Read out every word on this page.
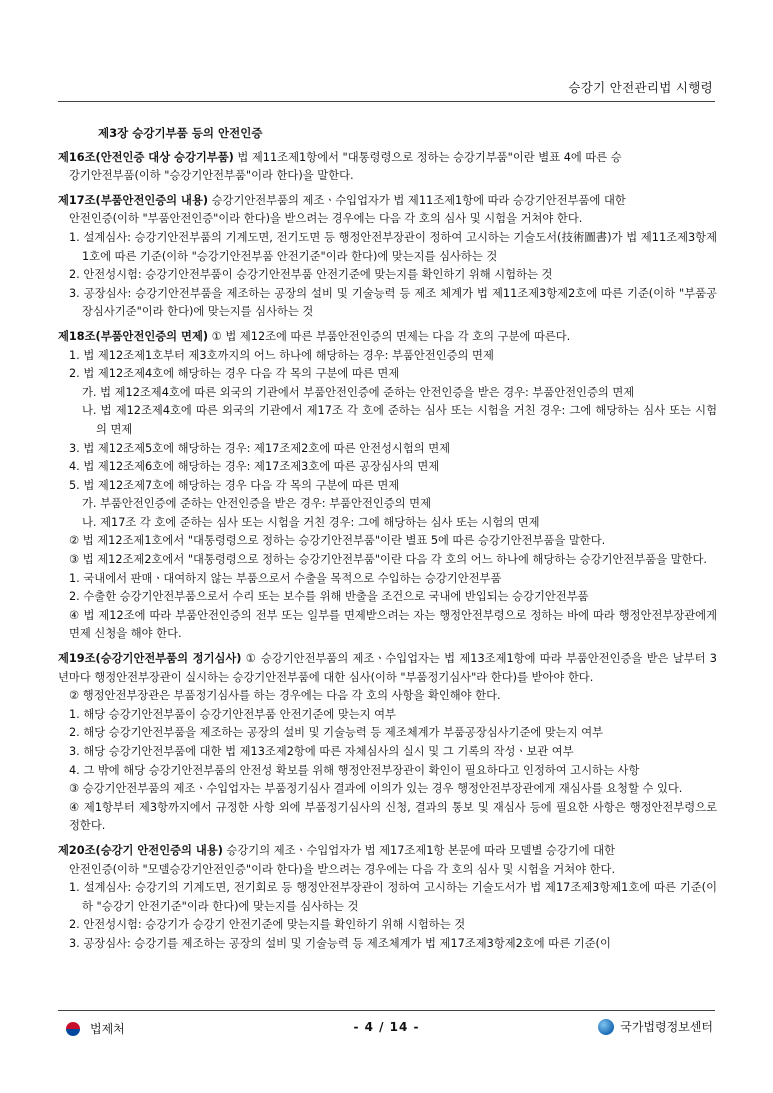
승강기 안전관리법 시행령
제3장 승강기부품 등의 안전인증
제16조(안전인증 대상 승강기부품) 법 제11조제1항에서 "대통령령으로 정하는 승강기부품"이란 별표 4에 따른 승
강기안전부품(이하 "승강기안전부품"이라 한다)을 말한다.
제17조(부품안전인증의 내용) 승강기안전부품의 제조ㆍ수입업자가 법 제11조제1항에 따라 승강기안전부품에 대한
안전인증(이하 "부품안전인증"이라 한다)을 받으려는 경우에는 다음 각 호의 심사 및 시험을 거쳐야 한다.
1. 설계심사: 승강기안전부품의 기계도면, 전기도면 등 행정안전부장관이 정하여 고시하는 기술도서(技術圖書)가 법 제11조제3항제1호에 따른 기준(이하 "승강기안전부품 안전기준"이라 한다)에 맞는지를 심사하는 것
2. 안전성시험: 승강기안전부품이 승강기안전부품 안전기준에 맞는지를 확인하기 위해 시험하는 것
3. 공장심사: 승강기안전부품을 제조하는 공장의 설비 및 기술능력 등 제조 체계가 법 제11조제3항제2호에 따른 기준(이하 "부품공장심사기준"이라 한다)에 맞는지를 심사하는 것
제18조(부품안전인증의 면제) ① 법 제12조에 따른 부품안전인증의 면제는 다음 각 호의 구분에 따른다.
1. 법 제12조제1호부터 제3호까지의 어느 하나에 해당하는 경우: 부품안전인증의 면제
2. 법 제12조제4호에 해당하는 경우 다음 각 목의 구분에 따른 면제
가. 법 제12조제4호에 따른 외국의 기관에서 부품안전인증에 준하는 안전인증을 받은 경우: 부품안전인증의 면제
나. 법 제12조제4호에 따른 외국의 기관에서 제17조 각 호에 준하는 심사 또는 시험을 거친 경우: 그에 해당하는 심사 또는 시험의 면제
3. 법 제12조제5호에 해당하는 경우: 제17조제2호에 따른 안전성시험의 면제
4. 법 제12조제6호에 해당하는 경우: 제17조제3호에 따른 공장심사의 면제
5. 법 제12조제7호에 해당하는 경우 다음 각 목의 구분에 따른 면제
가. 부품안전인증에 준하는 안전인증을 받은 경우: 부품안전인증의 면제
나. 제17조 각 호에 준하는 심사 또는 시험을 거친 경우: 그에 해당하는 심사 또는 시험의 면제
② 법 제12조제1호에서 "대통령령으로 정하는 승강기안전부품"이란 별표 5에 따른 승강기안전부품을 말한다.
③ 법 제12조제2호에서 "대통령령으로 정하는 승강기안전부품"이란 다음 각 호의 어느 하나에 해당하는 승강기안전부품을 말한다.
1. 국내에서 판매ㆍ대여하지 않는 부품으로서 수출을 목적으로 수입하는 승강기안전부품
2. 수출한 승강기안전부품으로서 수리 또는 보수를 위해 반출을 조건으로 국내에 반입되는 승강기안전부품
④ 법 제12조에 따라 부품안전인증의 전부 또는 일부를 면제받으려는 자는 행정안전부령으로 정하는 바에 따라 행정안전부장관에게 면제 신청을 해야 한다.
제19조(승강기안전부품의 정기심사) ① 승강기안전부품의 제조ㆍ수입업자는 법 제13조제1항에 따라 부품안전인증을 받은 날부터 3년마다 행정안전부장관이 실시하는 승강기안전부품에 대한 심사(이하 "부품정기심사"라 한다)를 받아야 한다.
② 행정안전부장관은 부품정기심사를 하는 경우에는 다음 각 호의 사항을 확인해야 한다.
1. 해당 승강기안전부품이 승강기안전부품 안전기준에 맞는지 여부
2. 해당 승강기안전부품을 제조하는 공장의 설비 및 기술능력 등 제조체계가 부품공장심사기준에 맞는지 여부
3. 해당 승강기안전부품에 대한 법 제13조제2항에 따른 자체심사의 실시 및 그 기록의 작성ㆍ보관 여부
4. 그 밖에 해당 승강기안전부품의 안전성 확보를 위해 행정안전부장관이 확인이 필요하다고 인정하여 고시하는 사항
③ 승강기안전부품의 제조ㆍ수입업자는 부품정기심사 결과에 이의가 있는 경우 행정안전부장관에게 재심사를 요청할 수 있다.
④ 제1항부터 제3항까지에서 규정한 사항 외에 부품정기심사의 신청, 결과의 통보 및 재심사 등에 필요한 사항은 행정안전부령으로 정한다.
제20조(승강기 안전인증의 내용) 승강기의 제조ㆍ수입업자가 법 제17조제1항 본문에 따라 모델별 승강기에 대한
안전인증(이하 "모델승강기안전인증"이라 한다)을 받으려는 경우에는 다음 각 호의 심사 및 시험을 거쳐야 한다.
1. 설계심사: 승강기의 기계도면, 전기회로 등 행정안전부장관이 정하여 고시하는 기술도서가 법 제17조제3항제1호에 따른 기준(이하 "승강기 안전기준"이라 한다)에 맞는지를 심사하는 것
2. 안전성시험: 승강기가 승강기 안전기준에 맞는지를 확인하기 위해 시험하는 것
3. 공장심사: 승강기를 제조하는 공장의 설비 및 기술능력 등 제조체계가 법 제17조제3항제2호에 따른 기준(이
법제처	- 4 / 14 -	국가법령정보센터
